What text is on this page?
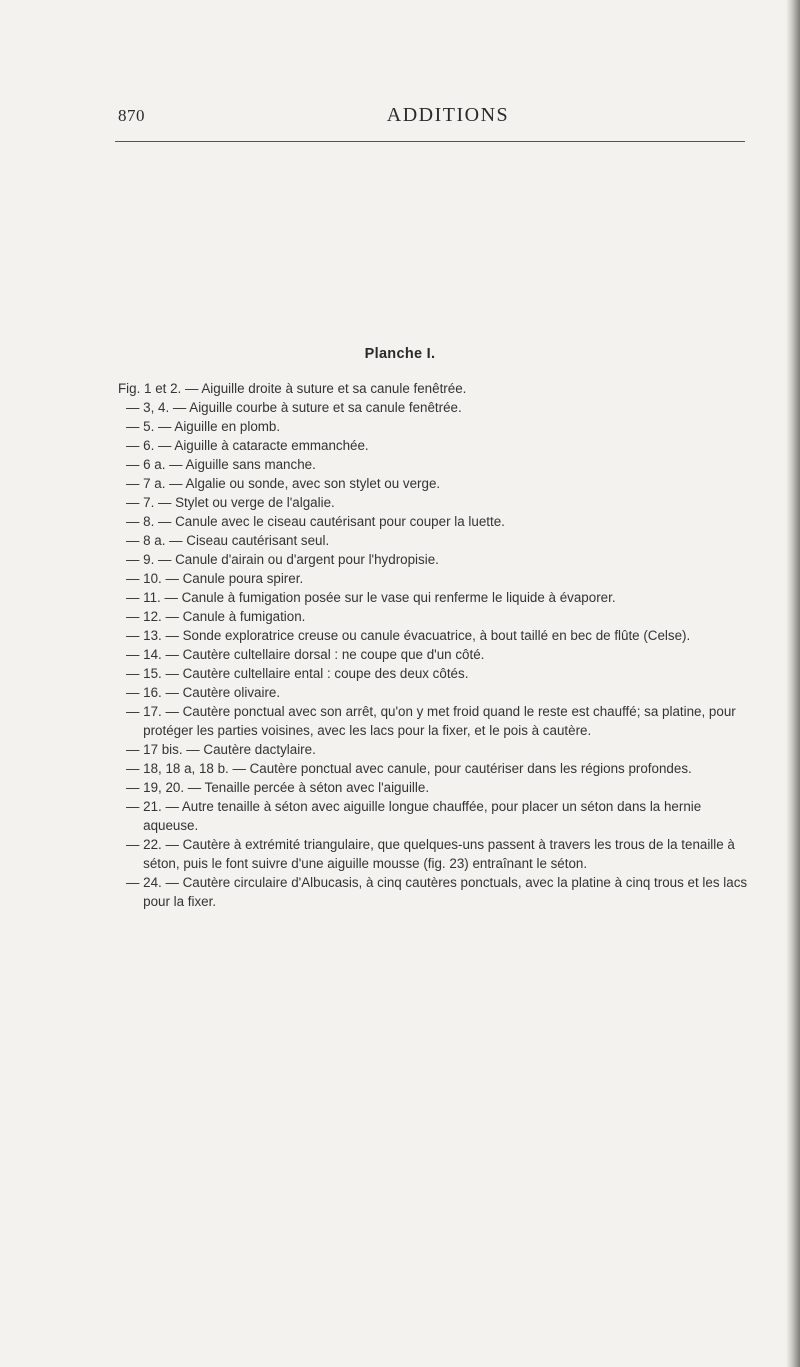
870	ADDITIONS
Planche I.
Fig. 1 et 2. — Aiguille droite à suture et sa canule fenêtrée.
— 3, 4. — Aiguille courbe à suture et sa canule fenêtrée.
— 5. — Aiguille en plomb.
— 6. — Aiguille à cataracte emmanchée.
— 6 a. — Aiguille sans manche.
— 7 a. — Algalie ou sonde, avec son stylet ou verge.
— 7. — Stylet ou verge de l'algalie.
— 8. — Canule avec le ciseau cautérisant pour couper la luette.
— 8 a. — Ciseau cautérisant seul.
— 9. — Canule d'airain ou d'argent pour l'hydropisie.
— 10. — Canule poura spirer.
— 11. — Canule à fumigation posée sur le vase qui renferme le liquide à évaporer.
— 12. — Canule à fumigation.
— 13. — Sonde exploratrice creuse ou canule évacuatrice, à bout taillé en bec de flûte (Celse).
— 14. — Cautère cultellaire dorsal : ne coupe que d'un côté.
— 15. — Cautère cultellaire ental : coupe des deux côtés.
— 16. — Cautère olivaire.
— 17. — Cautère ponctual avec son arrêt, qu'on y met froid quand le reste est chauffé; sa platine, pour protéger les parties voisines, avec les lacs pour la fixer, et le pois à cautère.
— 17 bis. — Cautère dactylaire.
— 18, 18 a, 18 b. — Cautère ponctual avec canule, pour cautériser dans les régions profondes.
— 19, 20. — Tenaille percée à séton avec l'aiguille.
— 21. — Autre tenaille à séton avec aiguille longue chauffée, pour placer un séton dans la hernie aqueuse.
— 22. — Cautère à extrémité triangulaire, que quelques-uns passent à travers les trous de la tenaille à séton, puis le font suivre d'une aiguille mousse (fig. 23) entraînant le séton.
— 24. — Cautère circulaire d'Albucasis, à cinq cautères ponctuals, avec la platine à cinq trous et les lacs pour la fixer.
